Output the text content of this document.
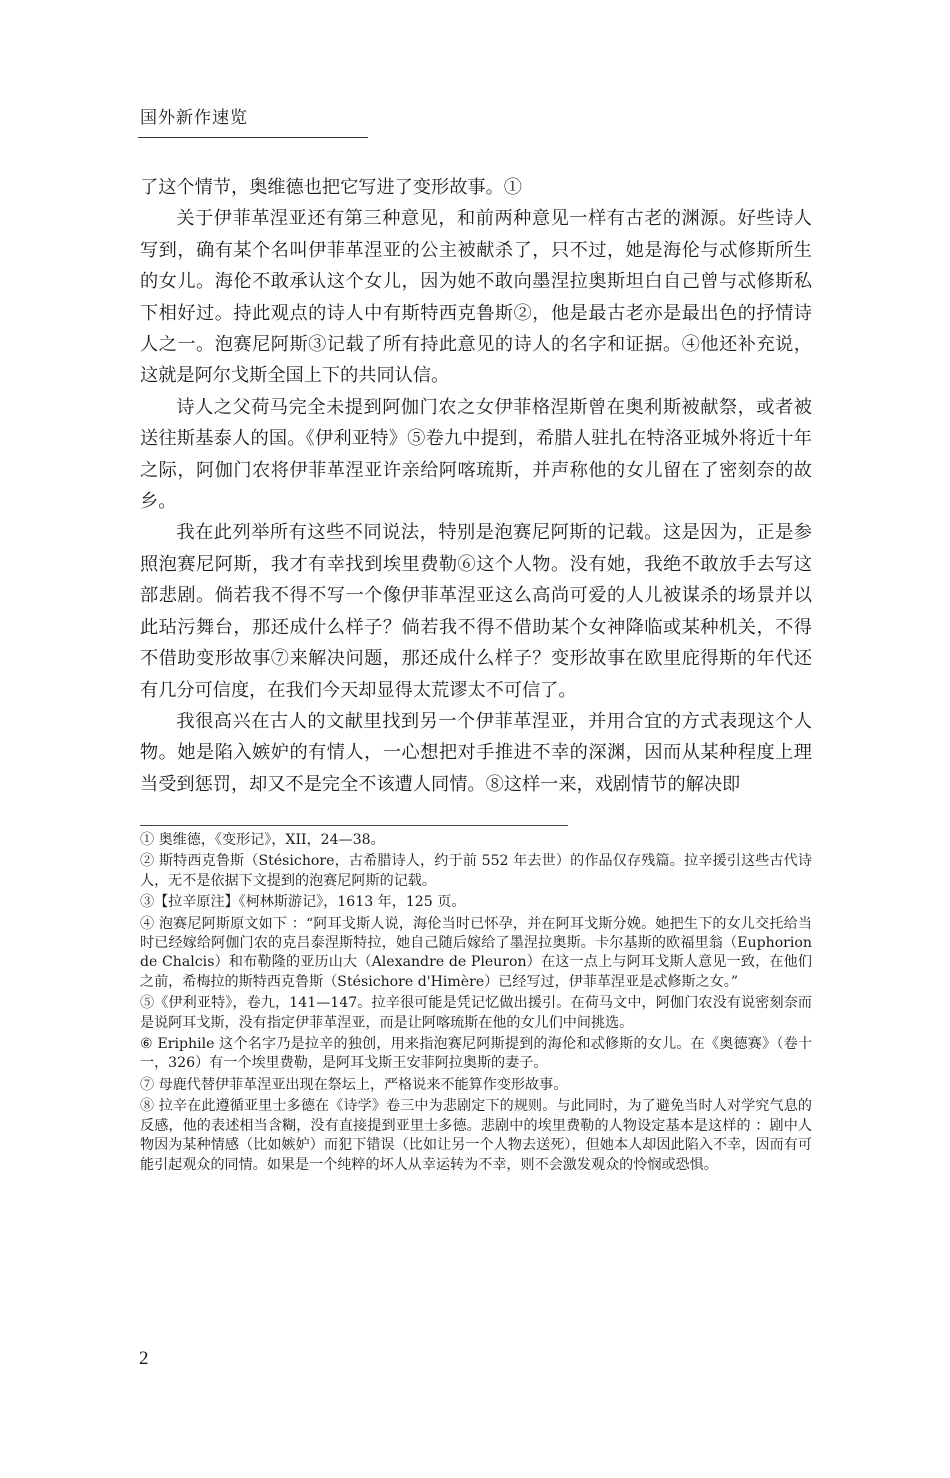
国外新作速览

了这个情节，奥维德也把它写进了变形故事。①

关于伊菲革涅亚还有第三种意见，和前两种意见一样有古老的渊源。好些诗人写到，确有某个名叫伊菲革涅亚的公主被献杀了，只不过，她是海伦与忒修斯所生的女儿。海伦不敢承认这个女儿，因为她不敢向墨涅拉奥斯坦白自己曾与忒修斯私下相好过。持此观点的诗人中有斯特西克鲁斯②，他是最古老亦是最出色的抒情诗人之一。泡赛尼阿斯③记载了所有持此意见的诗人的名字和证据。④他还补充说，这就是阿尔戈斯全国上下的共同认信。

诗人之父荷马完全未提到阿伽门农之女伊菲格涅斯曾在奥利斯被献祭，或者被送往斯基泰人的国。《伊利亚特》⑤卷九中提到，希腊人驻扎在特洛亚城外将近十年之际，阿伽门农将伊菲革涅亚许亲给阿喀琉斯，并声称他的女儿留在了密刻奈的故乡。

我在此列举所有这些不同说法，特别是泡赛尼阿斯的记载。这是因为，正是参照泡赛尼阿斯，我才有幸找到埃里费勒⑥这个人物。没有她，我绝不敢放手去写这部悲剧。倘若我不得不写一个像伊菲革涅亚这么高尚可爱的人儿被谋杀的场景并以此玷污舞台，那还成什么样子？倘若我不得不借助某个女神降临或某种机关，不得不借助变形故事⑦来解决问题，那还成什么样子？变形故事在欧里庇得斯的年代还有几分可信度，在我们今天却显得太荒谬太不可信了。

我很高兴在古人的文献里找到另一个伊菲革涅亚，并用合宜的方式表现这个人物。她是陷入嫉妒的有情人，一心想把对手推进不幸的深渊，因而从某种程度上理当受到惩罚，却又不是完全不该遭人同情。⑧这样一来，戏剧情节的解决即

① 奥维德，《变形记》，XII，24—38。

② 斯特西克鲁斯（Stésichore，古希腊诗人，约于前 552 年去世）的作品仅存残篇。拉辛援引这些古代诗人，无不是依据下文提到的泡赛尼阿斯的记载。

③【拉辛原注】《柯林斯游记》，1613 年，125 页。

④ 泡赛尼阿斯原文如下 ：“阿耳戈斯人说，海伦当时已怀孕，并在阿耳戈斯分娩。她把生下的女儿交托给当时已经嫁给阿伽门农的克吕泰涅斯特拉，她自己随后嫁给了墨涅拉奥斯。卡尔基斯的欧福里翁（Euphorion de Chalcis）和布勒隆的亚历山大（Alexandre de Pleuron）在这一点上与阿耳戈斯人意见一致，在他们之前，希梅拉的斯特西克鲁斯（Stésichore d'Himère）已经写过，伊菲革涅亚是忒修斯之女。”

⑤《伊利亚特》，卷九，141—147。拉辛很可能是凭记忆做出援引。在荷马文中，阿伽门农没有说密刻奈而是说阿耳戈斯，没有指定伊菲革涅亚，而是让阿喀琉斯在他的女儿们中间挑选。

⑥ Eriphile 这个名字乃是拉辛的独创，用来指泡赛尼阿斯提到的海伦和忒修斯的女儿。在《奥德赛》（卷十一，326）有一个埃里费勒，是阿耳戈斯王安菲阿拉奥斯的妻子。

⑦ 母鹿代替伊菲革涅亚出现在祭坛上，严格说来不能算作变形故事。

⑧ 拉辛在此遵循亚里士多德在《诗学》卷三中为悲剧定下的规则。与此同时，为了避免当时人对学究气息的反感，他的表述相当含糊，没有直接提到亚里士多德。悲剧中的埃里费勒的人物设定基本是这样的 ：剧中人物因为某种情感（比如嫉妒）而犯下错误（比如让另一个人物去送死），但她本人却因此陷入不幸，因而有可能引起观众的同情。如果是一个纯粹的坏人从幸运转为不幸，则不会激发观众的怜悯或恐惧。

2
